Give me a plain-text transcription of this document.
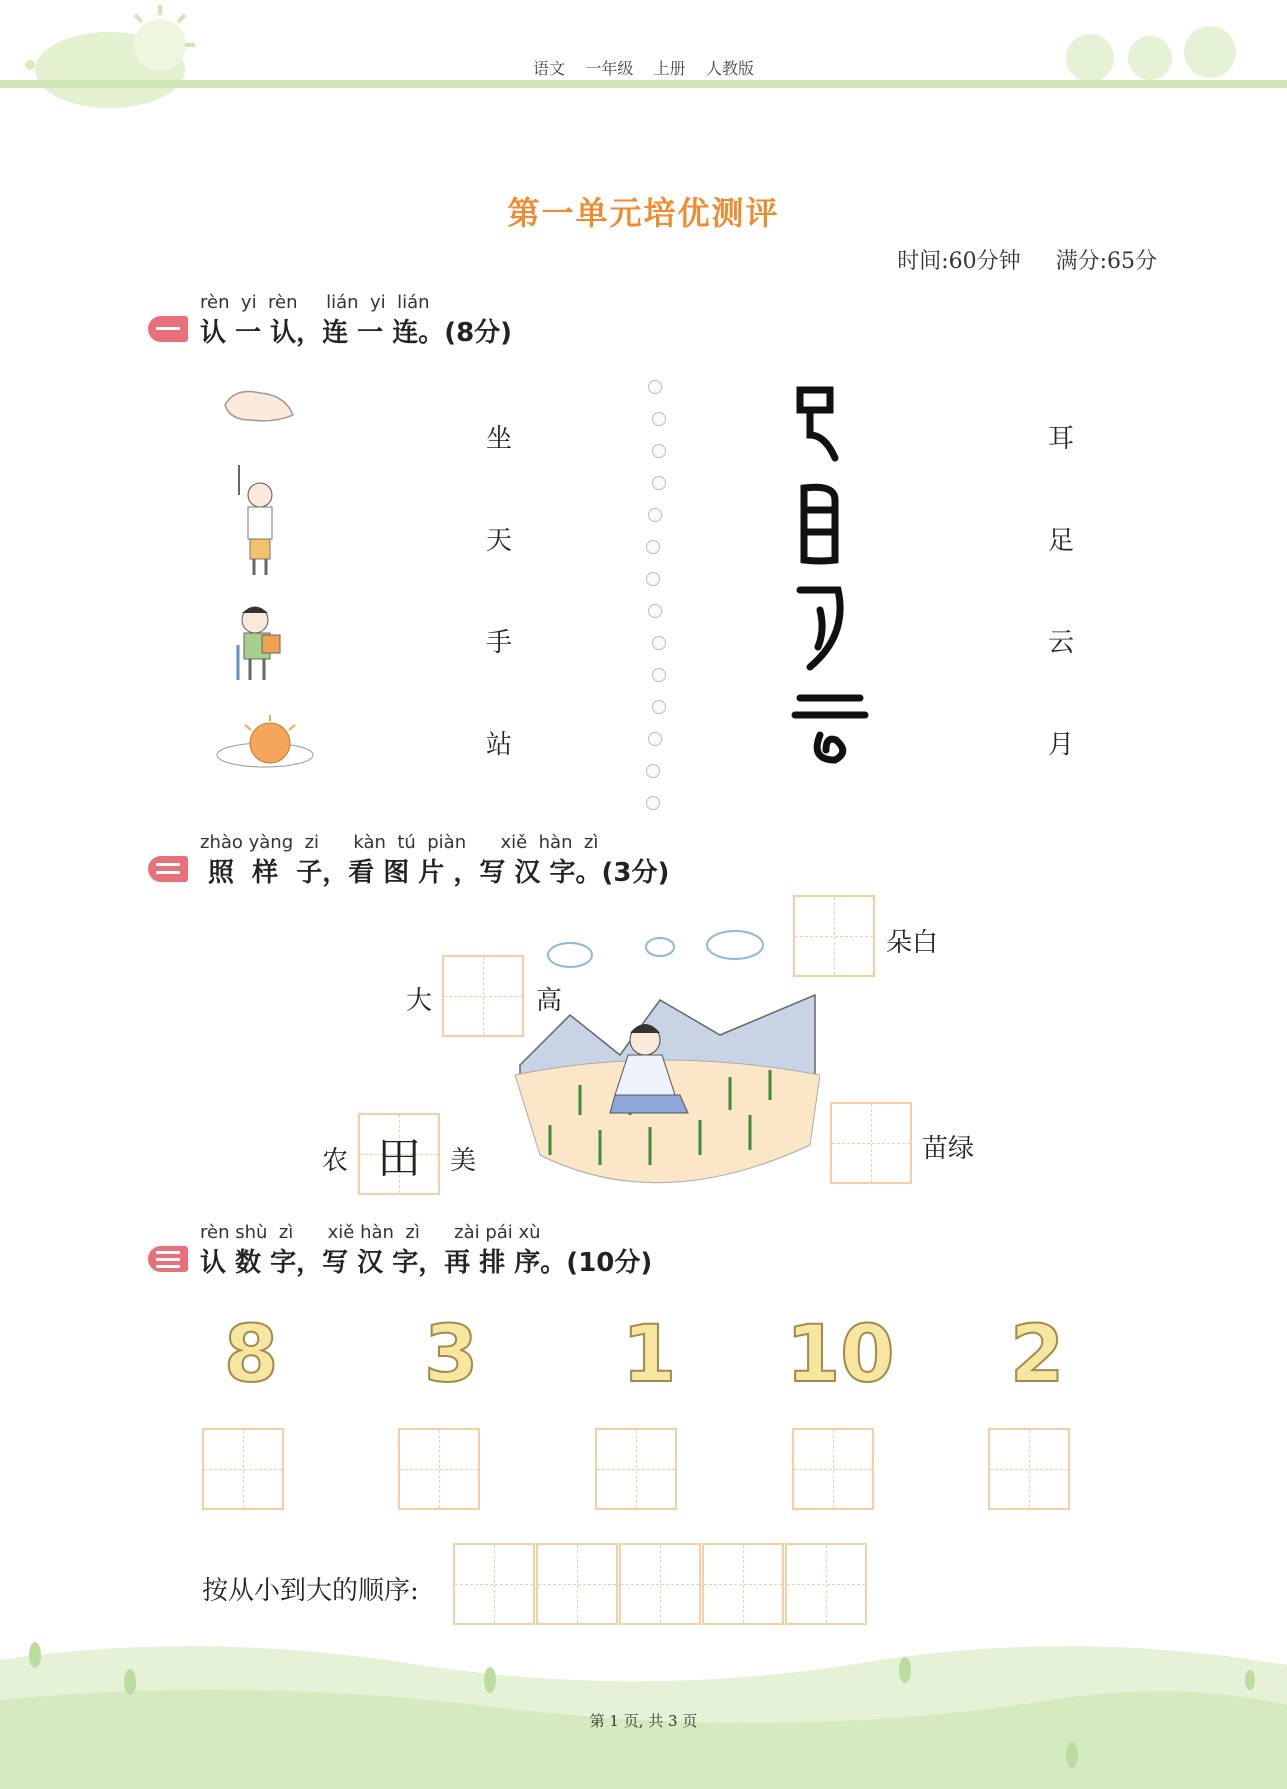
语文 一年级 上册 人教版
第一单元培优测评
时间:60分钟 满分:65分
rèn  yi  rèn     lián  yi  lián
认 一 认，连 一 连。(8分)
坐
天
手
站
耳
足
云
月
zhào yàng  zi      kàn  tú  piàn      xiě  hàn  zì
照  样  子，看 图 片 ，写 汉 字。(3分)
大	高
朵白
农 田	美	苗绿
rèn shù  zì      xiě hàn  zì      zài pái xù
认 数 字，写 汉 字，再 排 序。(10分)
8 3 1 10 2
按从小到大的顺序:
第 1 页, 共 3 页
